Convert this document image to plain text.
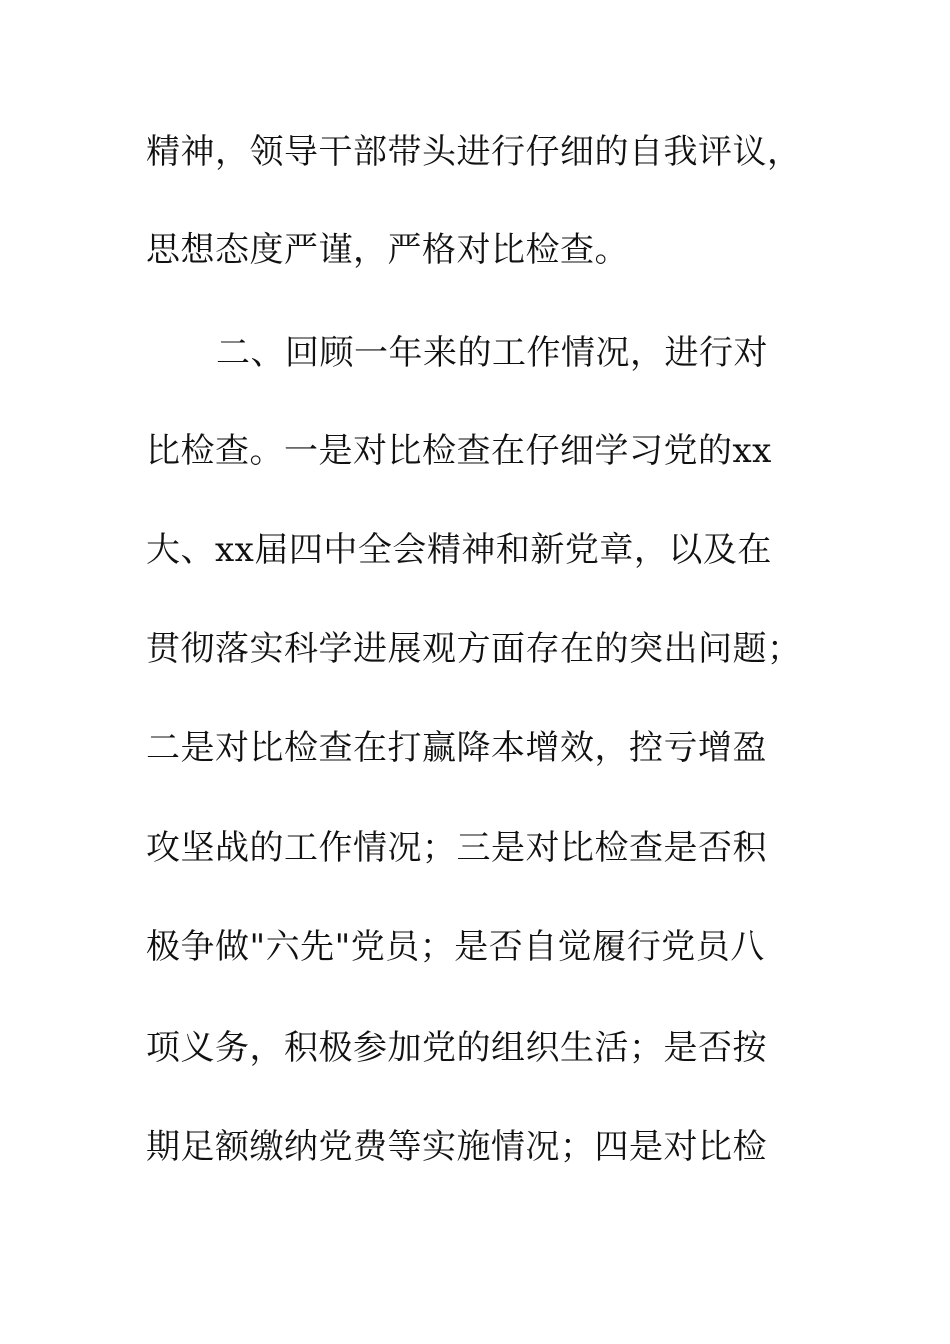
精神，领导干部带头进行仔细的自我评议，
思想态度严谨，严格对比检查。
二、回顾一年来的工作情况，进行对
比检查。一是对比检查在仔细学习党的xx
大、xx届四中全会精神和新党章，以及在
贯彻落实科学进展观方面存在的突出问题；
二是对比检查在打赢降本增效，控亏增盈
攻坚战的工作情况；三是对比检查是否积
极争做"六先"党员；是否自觉履行党员八
项义务，积极参加党的组织生活；是否按
期足额缴纳党费等实施情况；四是对比检
